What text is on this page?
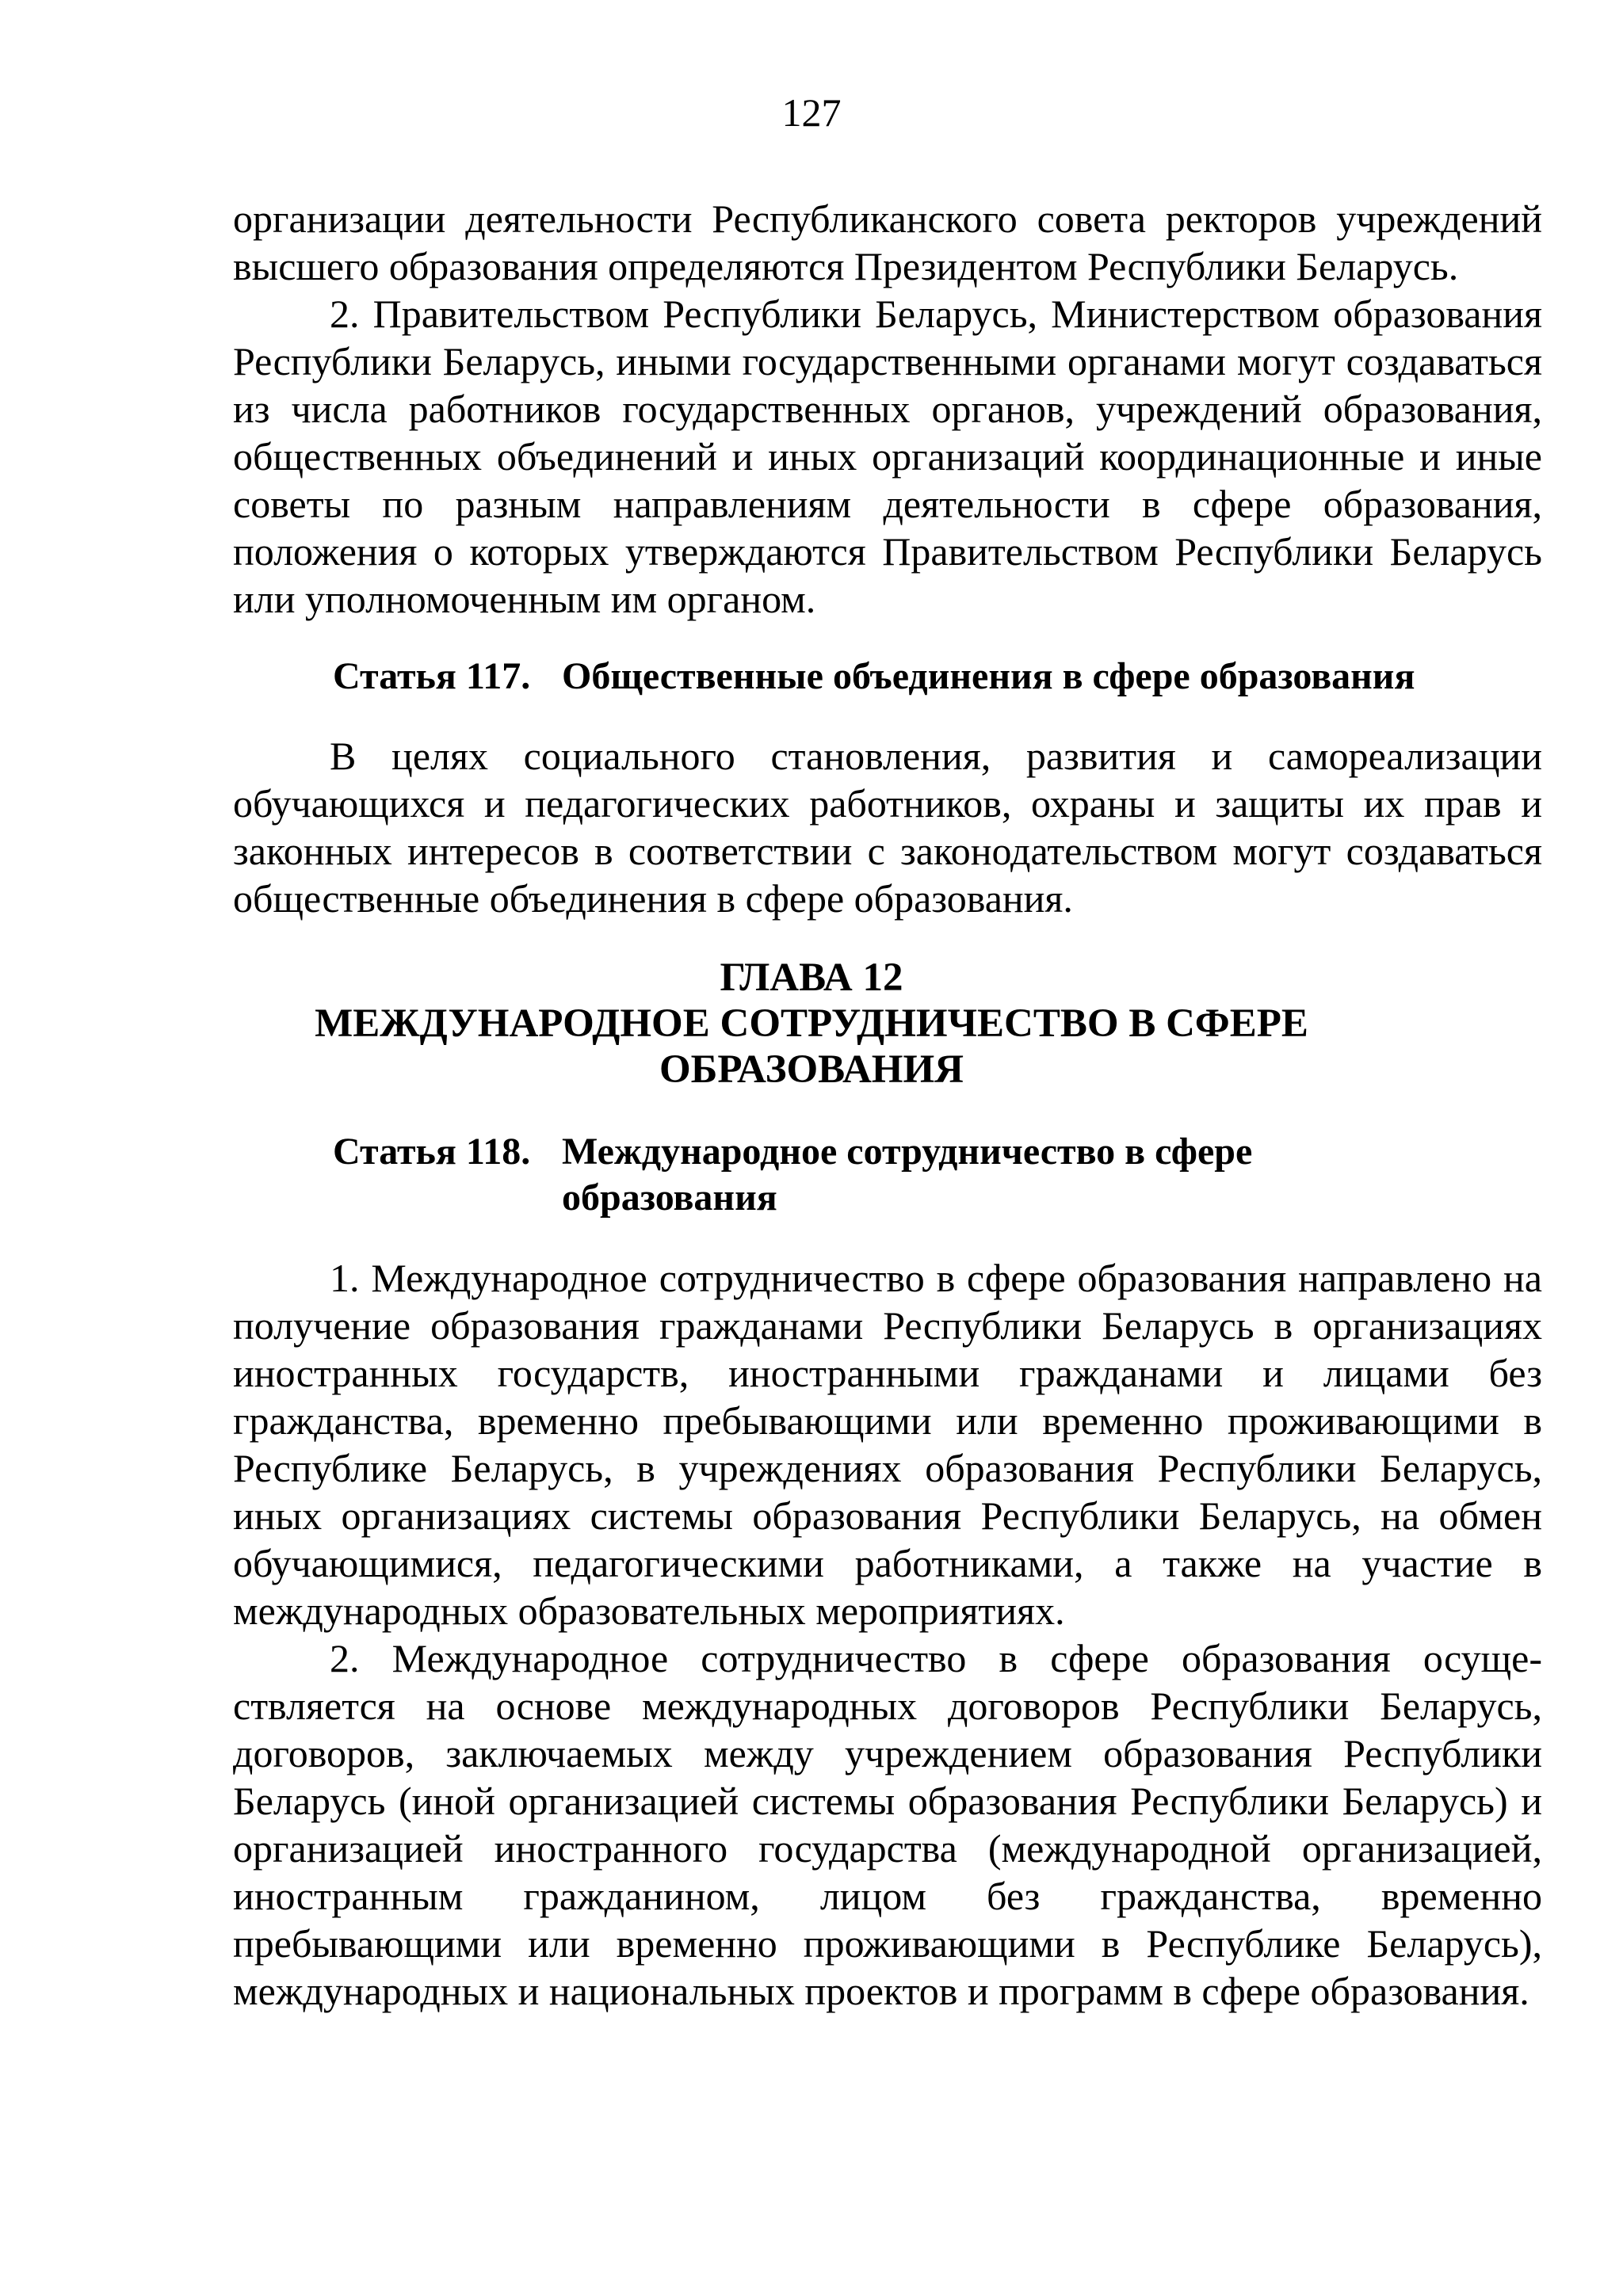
127

организации деятельности Республиканского совета ректоров учреждений высшего образования определяются Президентом Республики Беларусь.

2. Правительством Республики Беларусь, Министерством образования Республики Беларусь, иными государственными органами могут создаваться из числа работников государственных органов, учреждений образования, общественных объединений и иных организаций координационные и иные советы по разным направлениям деятельности в сфере образования, положения о которых утверждаются Правительством Республики Беларусь или уполномоченным им органом.

Статья 117. Общественные объединения в сфере образования

В целях социального становления, развития и самореализации обучающихся и педагогических работников, охраны и защиты их прав и законных интересов в соответствии с законодательством могут создаваться общественные объединения в сфере образования.

ГЛАВА 12
МЕЖДУНАРОДНОЕ СОТРУДНИЧЕСТВО В СФЕРЕ
ОБРАЗОВАНИЯ
Статья 118. Международное сотрудничество в сфере
образования

1. Международное сотрудничество в сфере образования направлено на получение образования гражданами Республики Беларусь в организациях иностранных государств, иностранными гражданами и лицами без гражданства, временно пребывающими или временно проживающими в Республике Беларусь, в учреждениях образования Республики Беларусь, иных организациях системы образования Республики Беларусь, на обмен обучающимися, педагогическими работниками, а также на участие в международных образовательных мероприятиях.

2. Международное сотрудничество в сфере образования осуществляется на основе международных договоров Республики Беларусь, договоров, заключаемых между учреждением образования Республики Беларусь (иной организацией системы образования Республики Беларусь) и организацией иностранного государства (международной организацией, иностранным гражданином, лицом без гражданства, временно пребывающими или временно проживающими в Республике Беларусь), международных и национальных проектов и программ в сфере образования.
